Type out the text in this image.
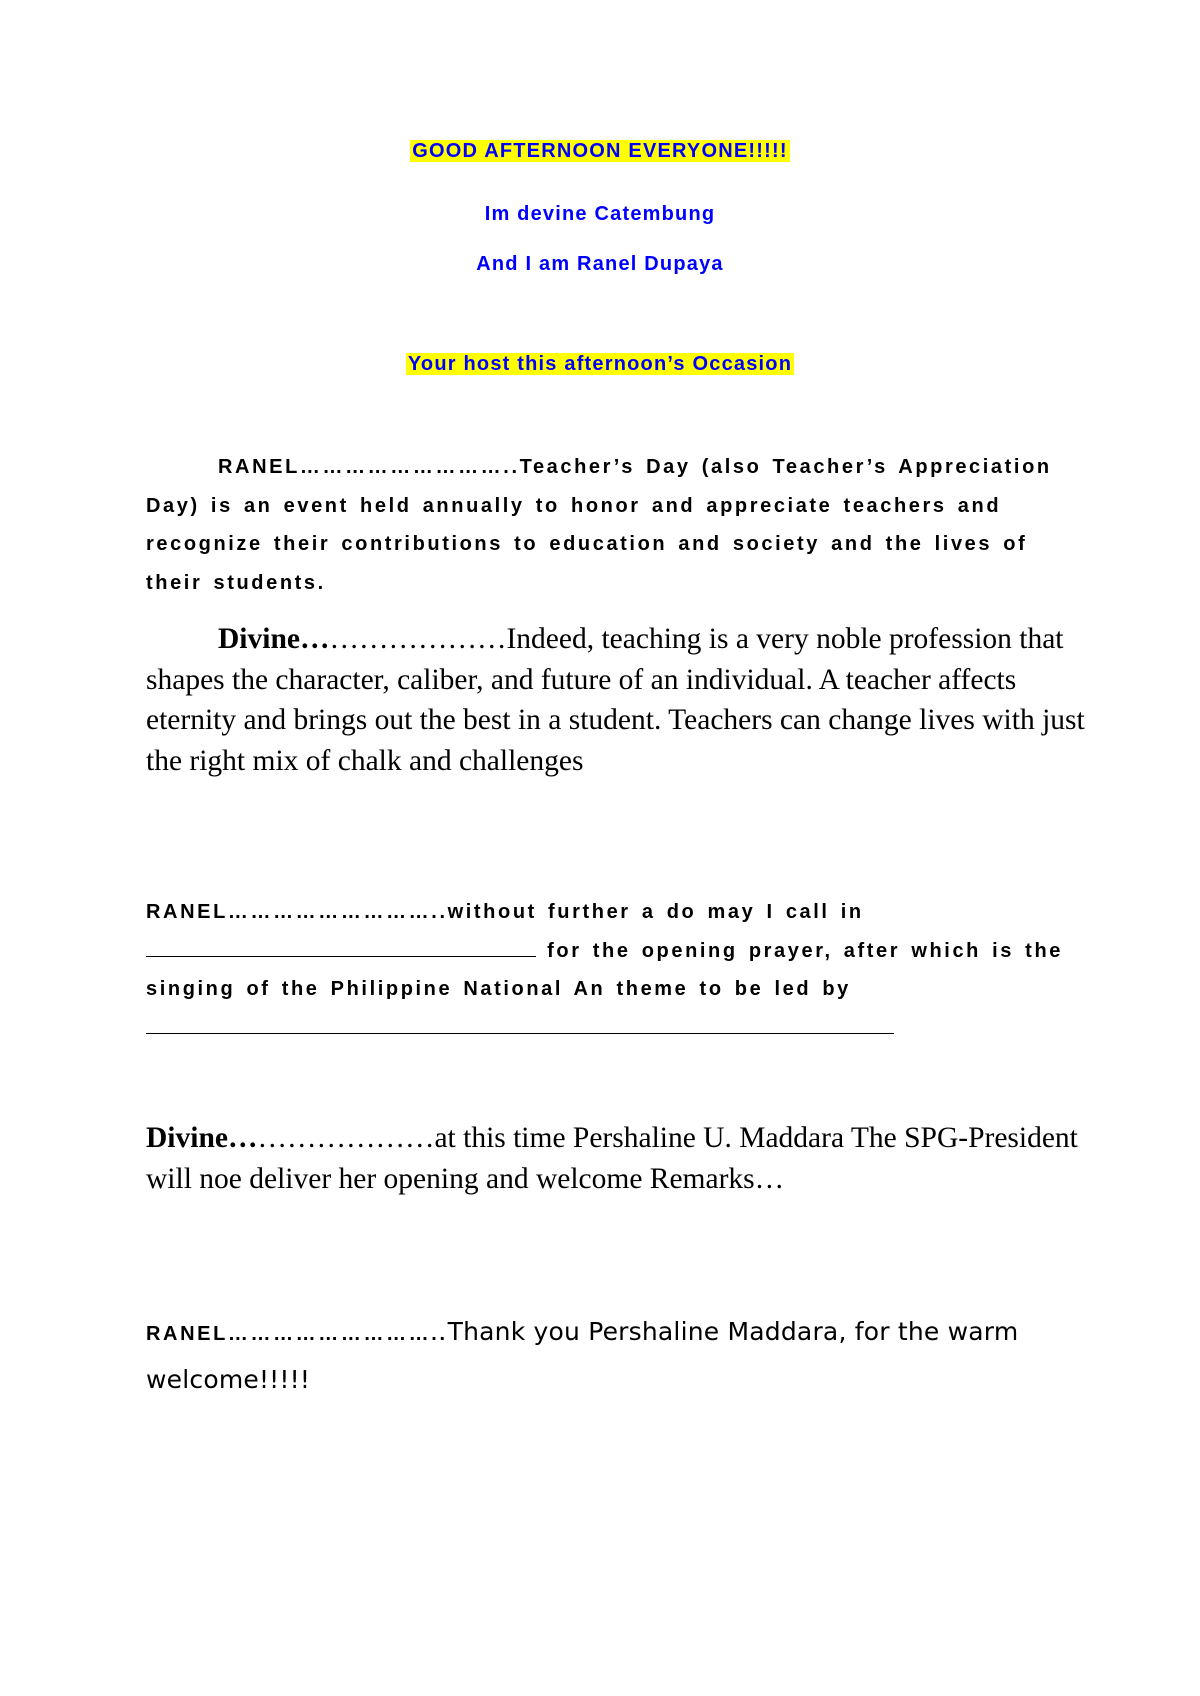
GOOD AFTERNOON EVERYONE!!!!!
Im devine Catembung
And I am Ranel Dupaya
Your host this afternoon’s Occasion

RANEL………………………..Teacher’s Day (also Teacher’s Appreciation Day) is an event held annually to honor and appreciate teachers and recognize their contributions to education and society and the lives of their students.

Divine…………………Indeed, teaching is a very noble profession that shapes the character, caliber, and future of an individual. A teacher affects eternity and brings out the best in a student. Teachers can change lives with just the right mix of chalk and challenges

RANEL………………………..without further a do may I call in  for the opening prayer, after which is the singing of the Philippine National An theme to be led by

Divine…………………at this time Pershaline U. Maddara The SPG-President will noe deliver her opening and welcome Remarks…

RANEL………………………..Thank you Pershaline Maddara, for the warm welcome!!!!!
